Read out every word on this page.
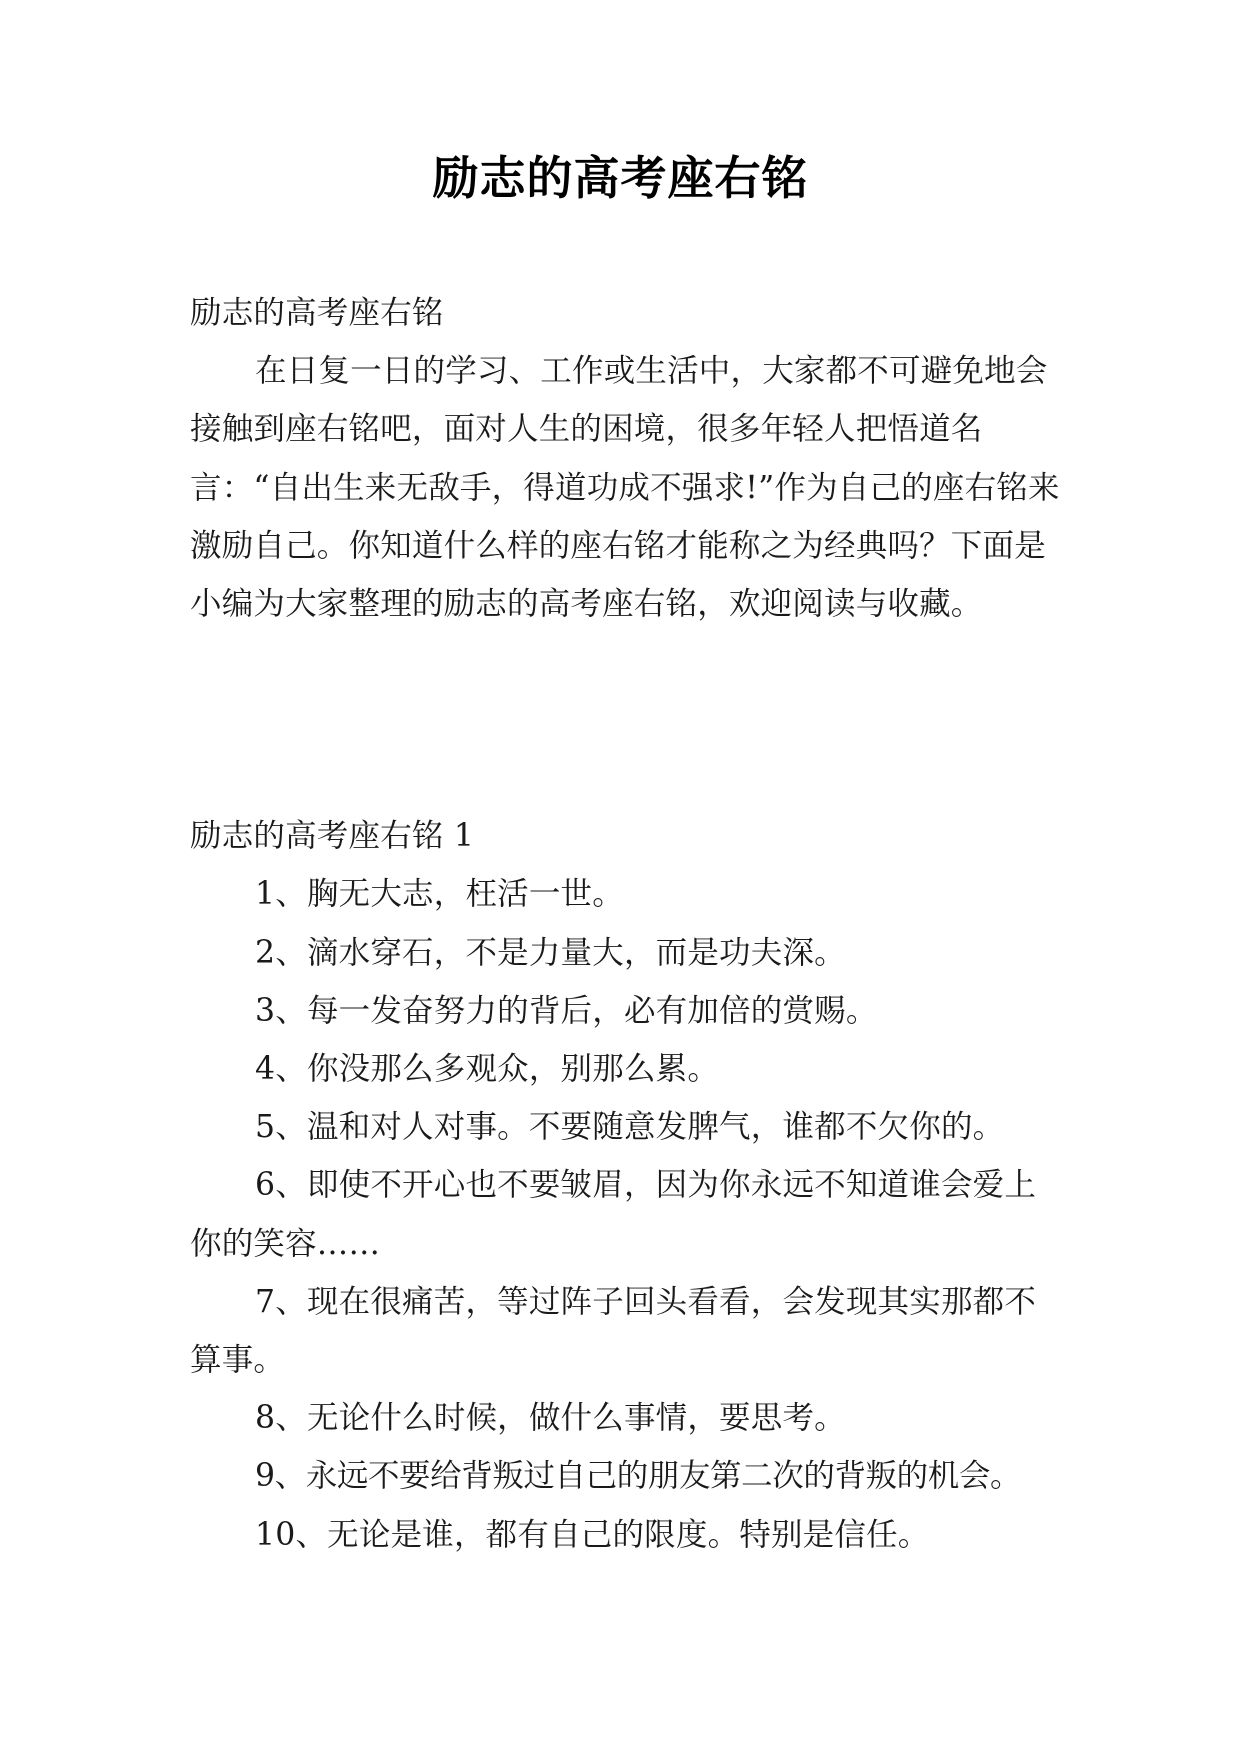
励志的高考座右铭

励志的高考座右铭

在日复一日的学习、工作或生活中，大家都不可避免地会接触到座右铭吧，面对人生的困境，很多年轻人把悟道名言：“自出生来无敌手，得道功成不强求!”作为自己的座右铭来激励自己。你知道什么样的座右铭才能称之为经典吗？下面是小编为大家整理的励志的高考座右铭，欢迎阅读与收藏。

励志的高考座右铭 1

1、胸无大志，枉活一世。

2、滴水穿石，不是力量大，而是功夫深。

3、每一发奋努力的背后，必有加倍的赏赐。

4、你没那么多观众，别那么累。

5、温和对人对事。不要随意发脾气，谁都不欠你的。

6、即使不开心也不要皱眉，因为你永远不知道谁会爱上你的笑容……

7、现在很痛苦，等过阵子回头看看，会发现其实那都不算事。

8、无论什么时候，做什么事情，要思考。

9、永远不要给背叛过自己的朋友第二次的背叛的机会。

10、无论是谁，都有自己的限度。特别是信任。
